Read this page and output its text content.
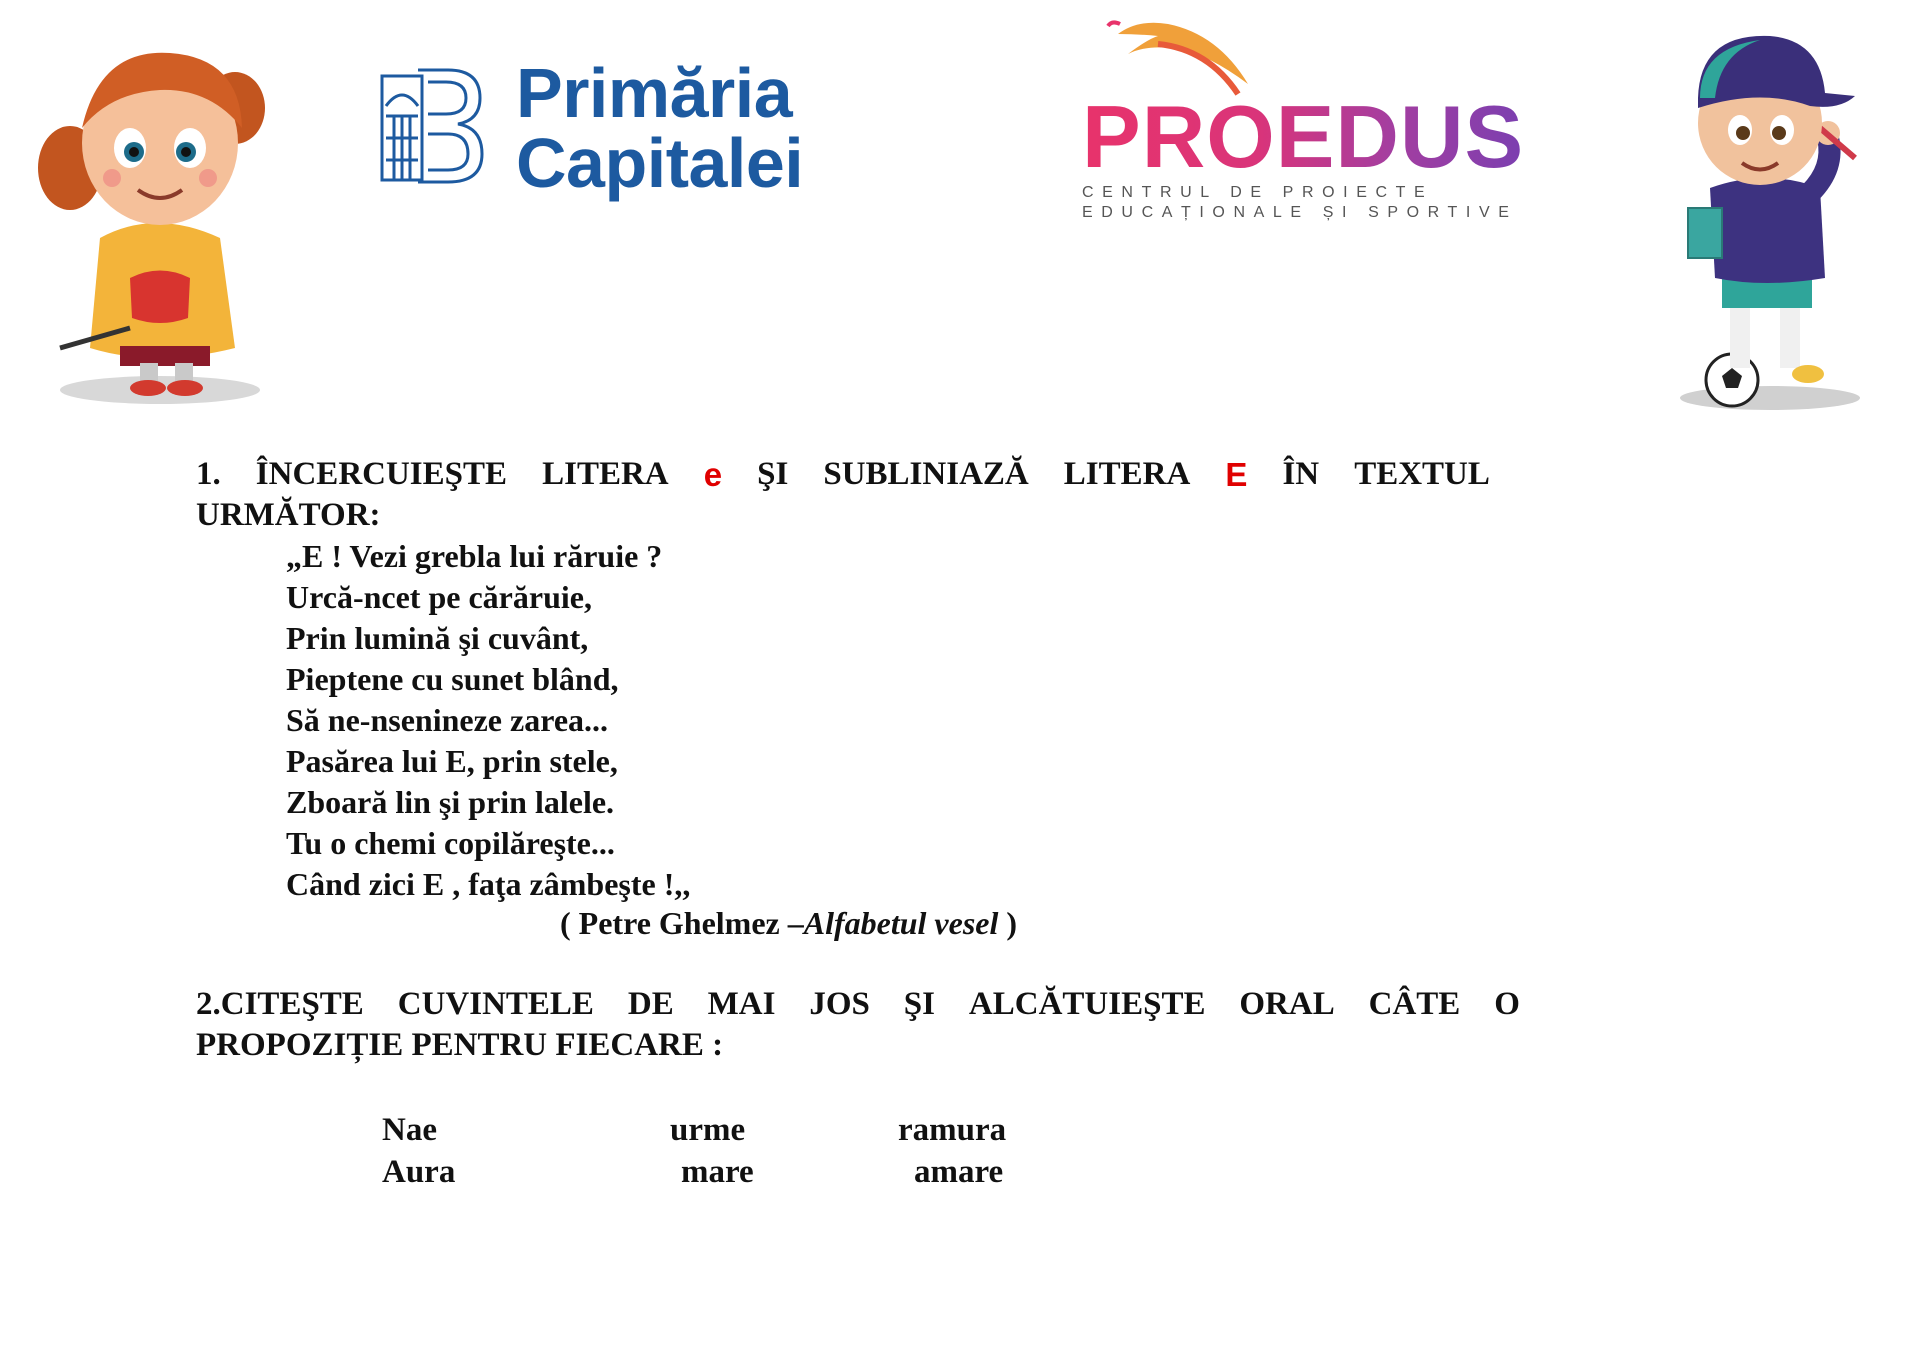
Primăria
Capitalei	PROEDUS
CENTRUL DE PROIECTE
EDUCAȚIONALE ȘI SPORTIVE
1. ÎNCERCUIEŞTE LITERA e ŞI SUBLINIAZĂ LITERA E ÎN TEXTUL
URMĂTOR:
„E ! Vezi grebla lui răruie ?
Urcă-ncet pe cărăruie,
Prin lumină şi cuvânt,
Pieptene cu sunet blând,
Să ne-nsenineze zarea...
Pasărea lui E, prin stele,
Zboară lin şi prin lalele.
Tu o chemi copilăreşte...
Când zici E , faţa zâmbeşte !,,
( Petre Ghelmez –Alfabetul vesel )
2.CITEŞTE CUVINTELE DE MAI JOS ŞI ALCĂTUIEŞTE ORAL CÂTE O
PROPOZIȚIE PENTRU FIECARE :
Nae	urme	ramura
Aura	mare	amare
